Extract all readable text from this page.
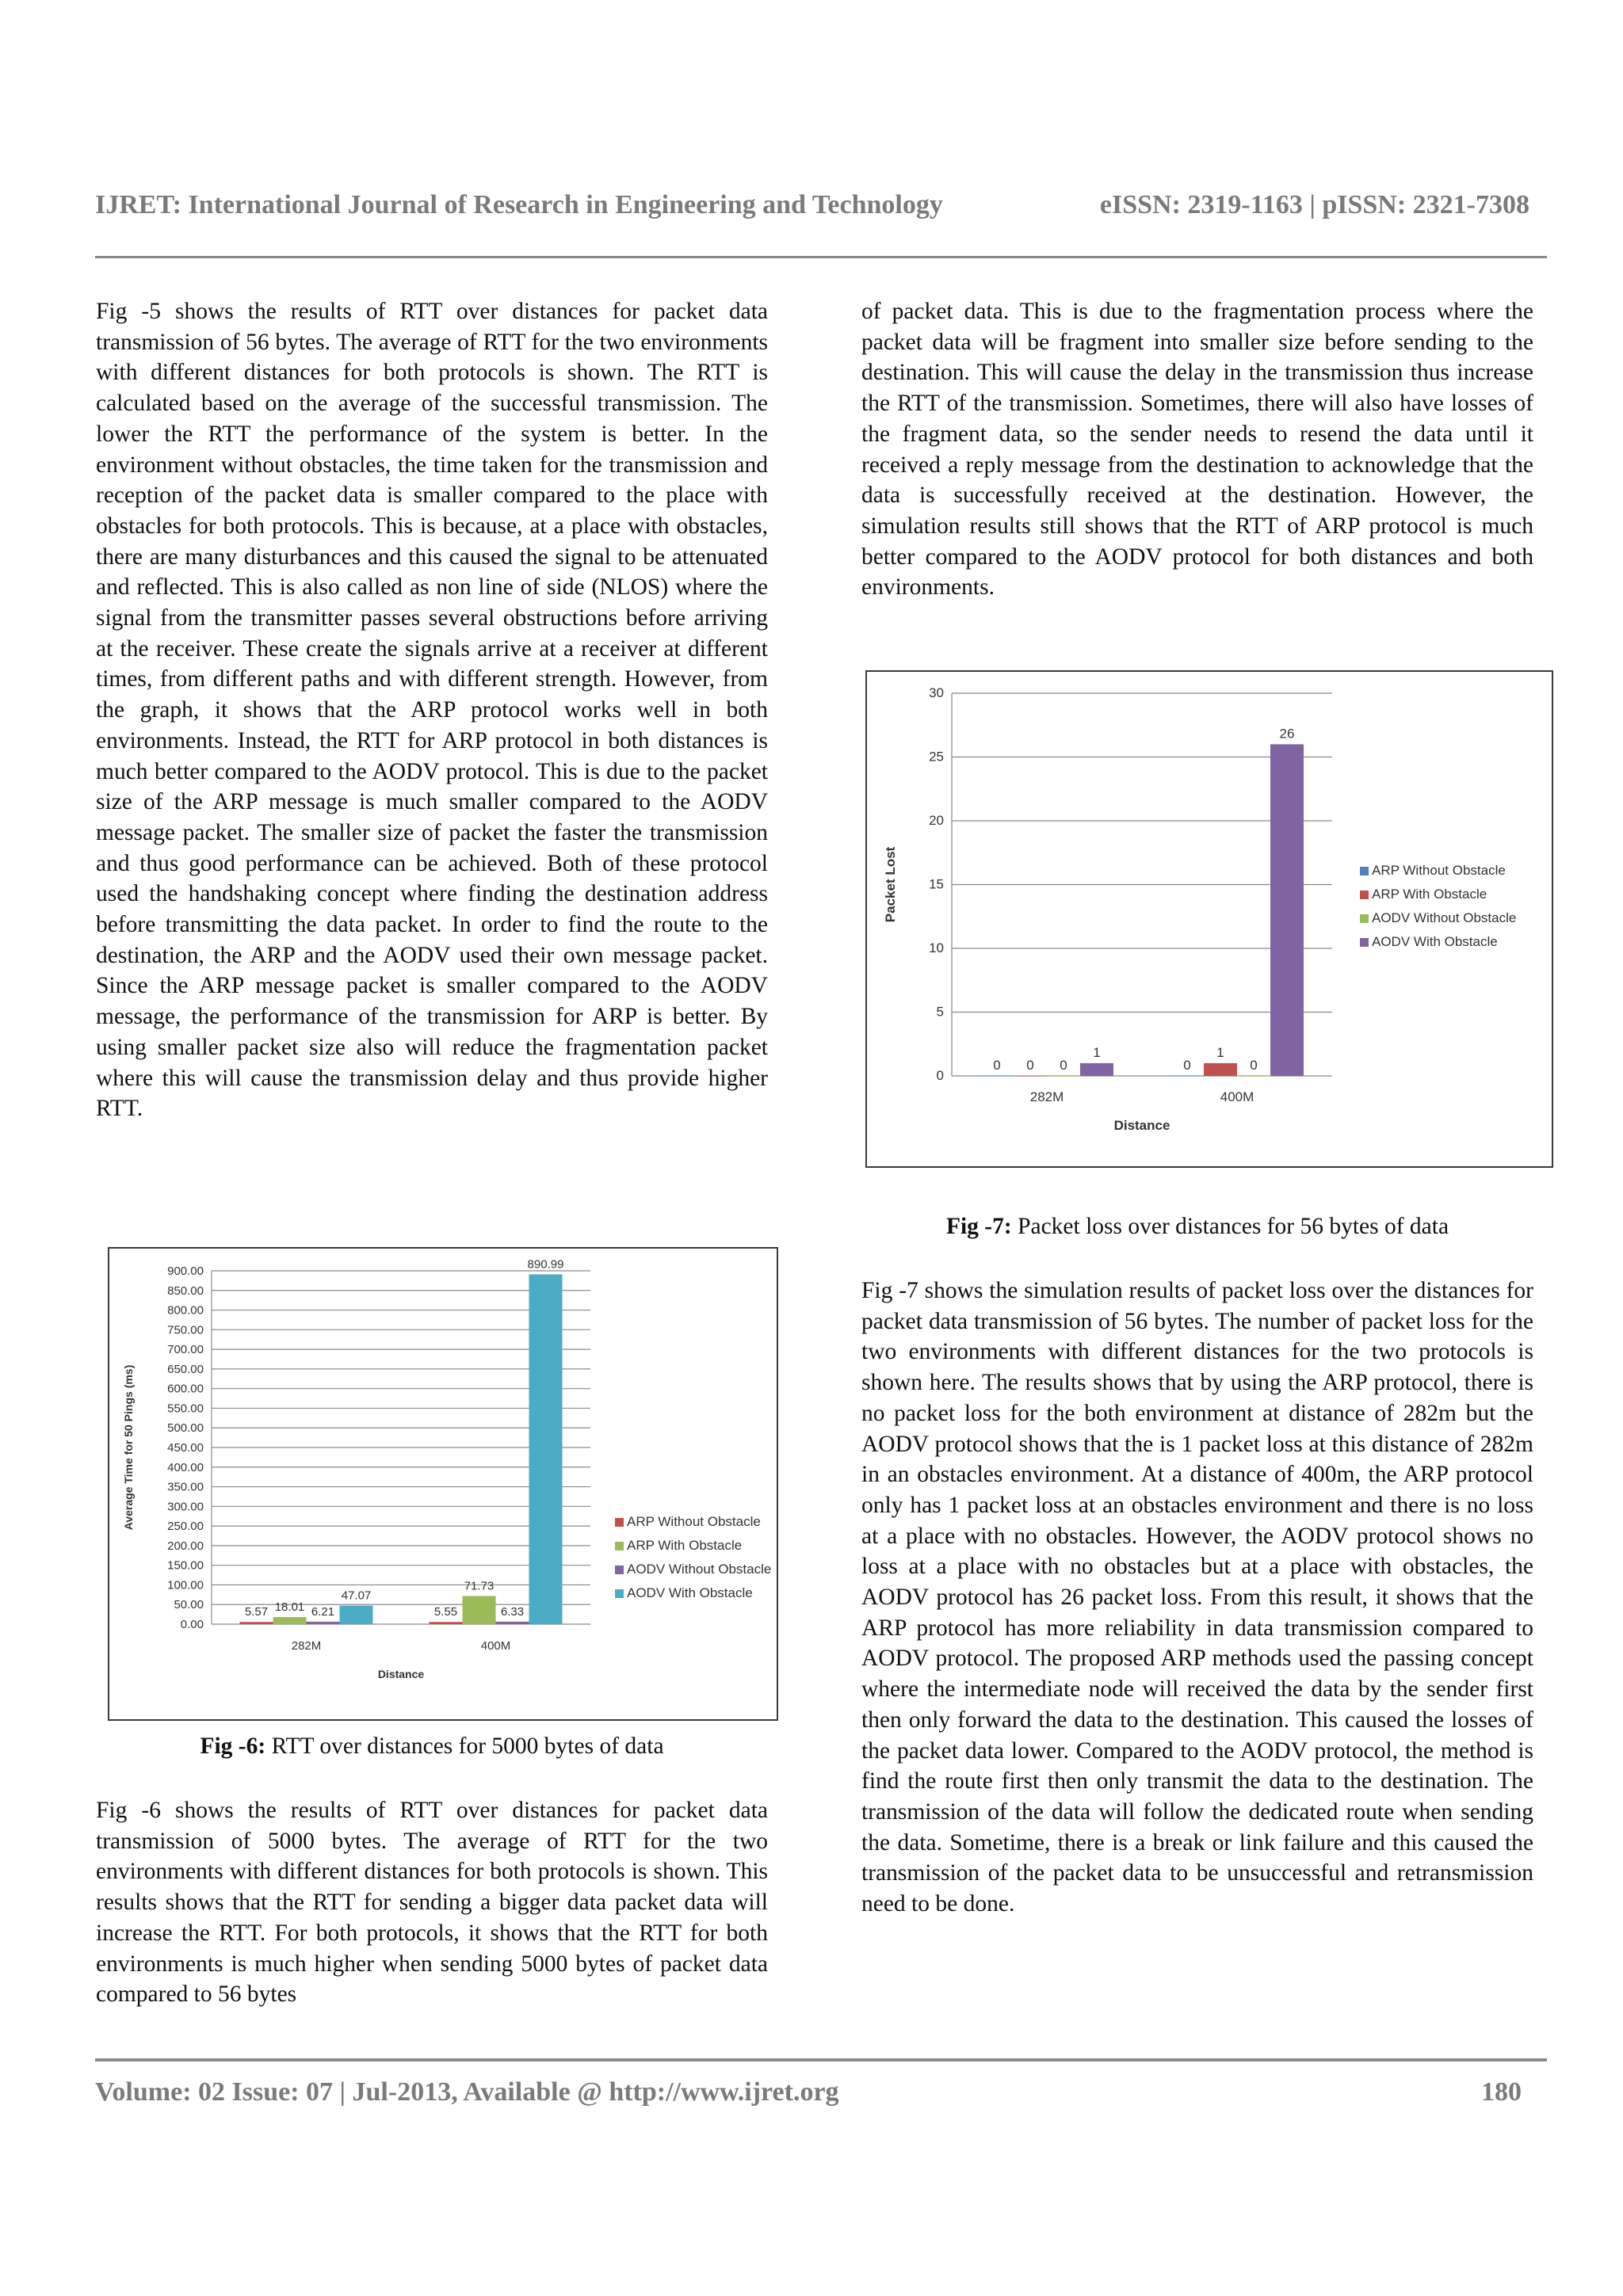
IJRET: International Journal of Research in Engineering and Technology	eISSN: 2319-1163 | pISSN: 2321-7308

Fig -5 shows the results of RTT over distances for packet data transmission of 56 bytes. The average of RTT for the two environments with different distances for both protocols is shown. The RTT is calculated based on the average of the successful transmission. The lower the RTT the performance of the system is better. In the environment without obstacles, the time taken for the transmission and reception of the packet data is smaller compared to the place with obstacles for both protocols. This is because, at a place with obstacles, there are many disturbances and this caused the signal to be attenuated and reflected. This is also called as non line of side (NLOS) where the signal from the transmitter passes several obstructions before arriving at the receiver. These create the signals arrive at a receiver at different times, from different paths and with different strength. However, from the graph, it shows that the ARP protocol works well in both environments. Instead, the RTT for ARP protocol in both distances is much better compared to the AODV protocol. This is due to the packet size of the ARP message is much smaller compared to the AODV message packet. The smaller size of packet the faster the transmission and thus good performance can be achieved. Both of these protocol used the handshaking concept where finding the destination address before transmitting the data packet. In order to find the route to the destination, the ARP and the AODV used their own message packet. Since the ARP message packet is smaller compared to the AODV message, the performance of the transmission for ARP is better. By using smaller packet size also will reduce the fragmentation packet where this will cause the transmission delay and thus provide higher RTT.

0.00
50.00
100.00
150.00
200.00
250.00
300.00
350.00
400.00
450.00
500.00
550.00
600.00
650.00
700.00
750.00
800.00
850.00
900.00
5.57 18.01 6.21
47.07
282M
5.55
71.73
6.33
890.99
400M
Distance
Average Time for 50 Pings (ms)	ARP Without Obstacle
ARP With Obstacle
AODV Without Obstacle
AODV With Obstacle
Fig -6: RTT over distances for 5000 bytes of data

Fig -6 shows the results of RTT over distances for packet data transmission of 5000 bytes. The average of RTT for the two environments with different distances for both protocols is shown. This results shows that the RTT for sending a bigger data packet data will increase the RTT. For both protocols, it shows that the RTT for both environments is much higher when sending 5000 bytes of packet data compared to 56 bytes

of packet data. This is due to the fragmentation process where the packet data will be fragment into smaller size before sending to the destination. This will cause the delay in the transmission thus increase the RTT of the transmission. Sometimes, there will also have losses of the fragment data, so the sender needs to resend the data until it received a reply message from the destination to acknowledge that the data is successfully received at the destination. However, the simulation results still shows that the RTT of ARP protocol is much better compared to the AODV protocol for both distances and both environments.

0
5
10
15
20
25
30
0 0 0
1
282M
0
1
0
26
400M
Distance
Packet Lost	ARP Without Obstacle
ARP With Obstacle
AODV Without Obstacle
AODV With Obstacle
Fig -7: Packet loss over distances for 56 bytes of data

Fig -7 shows the simulation results of packet loss over the distances for packet data transmission of 56 bytes. The number of packet loss for the two environments with different distances for the two protocols is shown here. The results shows that by using the ARP protocol, there is no packet loss for the both environment at distance of 282m but the AODV protocol shows that the is 1 packet loss at this distance of 282m in an obstacles environment. At a distance of 400m, the ARP protocol only has 1 packet loss at an obstacles environment and there is no loss at a place with no obstacles. However, the AODV protocol shows no loss at a place with no obstacles but at a place with obstacles, the AODV protocol has 26 packet loss. From this result, it shows that the ARP protocol has more reliability in data transmission compared to AODV protocol. The proposed ARP methods used the passing concept where the intermediate node will received the data by the sender first then only forward the data to the destination. This caused the losses of the packet data lower. Compared to the AODV protocol, the method is find the route first then only transmit the data to the destination. The transmission of the data will follow the dedicated route when sending the data. Sometime, there is a break or link failure and this caused the transmission of the packet data to be unsuccessful and retransmission need to be done.

Volume: 02 Issue: 07 | Jul-2013, Available @ http://www.ijret.org	180
